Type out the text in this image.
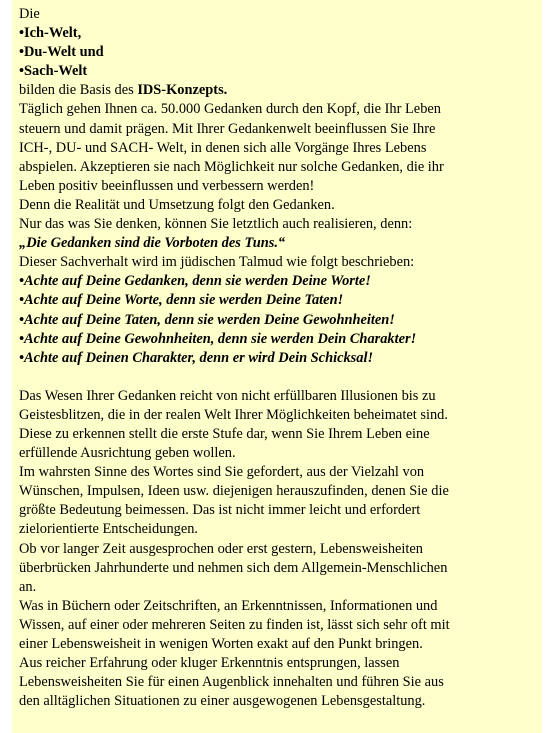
Die
•Ich-Welt,
•Du-Welt und
•Sach-Welt
bilden die Basis des IDS-Konzepts.
Täglich gehen Ihnen ca. 50.000 Gedanken durch den Kopf, die Ihr Leben
steuern und damit prägen. Mit Ihrer Gedankenwelt beeinflussen Sie Ihre
ICH-, DU- und SACH- Welt, in denen sich alle Vorgänge Ihres Lebens
abspielen. Akzeptieren sie nach Möglichkeit nur solche Gedanken, die ihr
Leben positiv beeinflussen und verbessern werden!
Denn die Realität und Umsetzung folgt den Gedanken.
Nur das was Sie denken, können Sie letztlich auch realisieren, denn:
„Die Gedanken sind die Vorboten des Tuns.“
Dieser Sachverhalt wird im jüdischen Talmud wie folgt beschrieben:
•Achte auf Deine Gedanken, denn sie werden Deine Worte!
•Achte auf Deine Worte, denn sie werden Deine Taten!
•Achte auf Deine Taten, denn sie werden Deine Gewohnheiten!
•Achte auf Deine Gewohnheiten, denn sie werden Dein Charakter!
•Achte auf Deinen Charakter, denn er wird Dein Schicksal!
Das Wesen Ihrer Gedanken reicht von nicht erfüllbaren Illusionen bis zu
Geistesblitzen, die in der realen Welt Ihrer Möglichkeiten beheimatet sind.
Diese zu erkennen stellt die erste Stufe dar, wenn Sie Ihrem Leben eine
erfüllende Ausrichtung geben wollen.
Im wahrsten Sinne des Wortes sind Sie gefordert, aus der Vielzahl von
Wünschen, Impulsen, Ideen usw. diejenigen herauszufinden, denen Sie die
größte Bedeutung beimessen. Das ist nicht immer leicht und erfordert
zielorientierte Entscheidungen.
Ob vor langer Zeit ausgesprochen oder erst gestern, Lebensweisheiten
überbrücken Jahrhunderte und nehmen sich dem Allgemein-Menschlichen
an.
Was in Büchern oder Zeitschriften, an Erkenntnissen, Informationen und
Wissen, auf einer oder mehreren Seiten zu finden ist, lässt sich sehr oft mit
einer Lebensweisheit in wenigen Worten exakt auf den Punkt bringen.
Aus reicher Erfahrung oder kluger Erkenntnis entsprungen, lassen
Lebensweisheiten Sie für einen Augenblick innehalten und führen Sie aus
den alltäglichen Situationen zu einer ausgewogenen Lebensgestaltung.
